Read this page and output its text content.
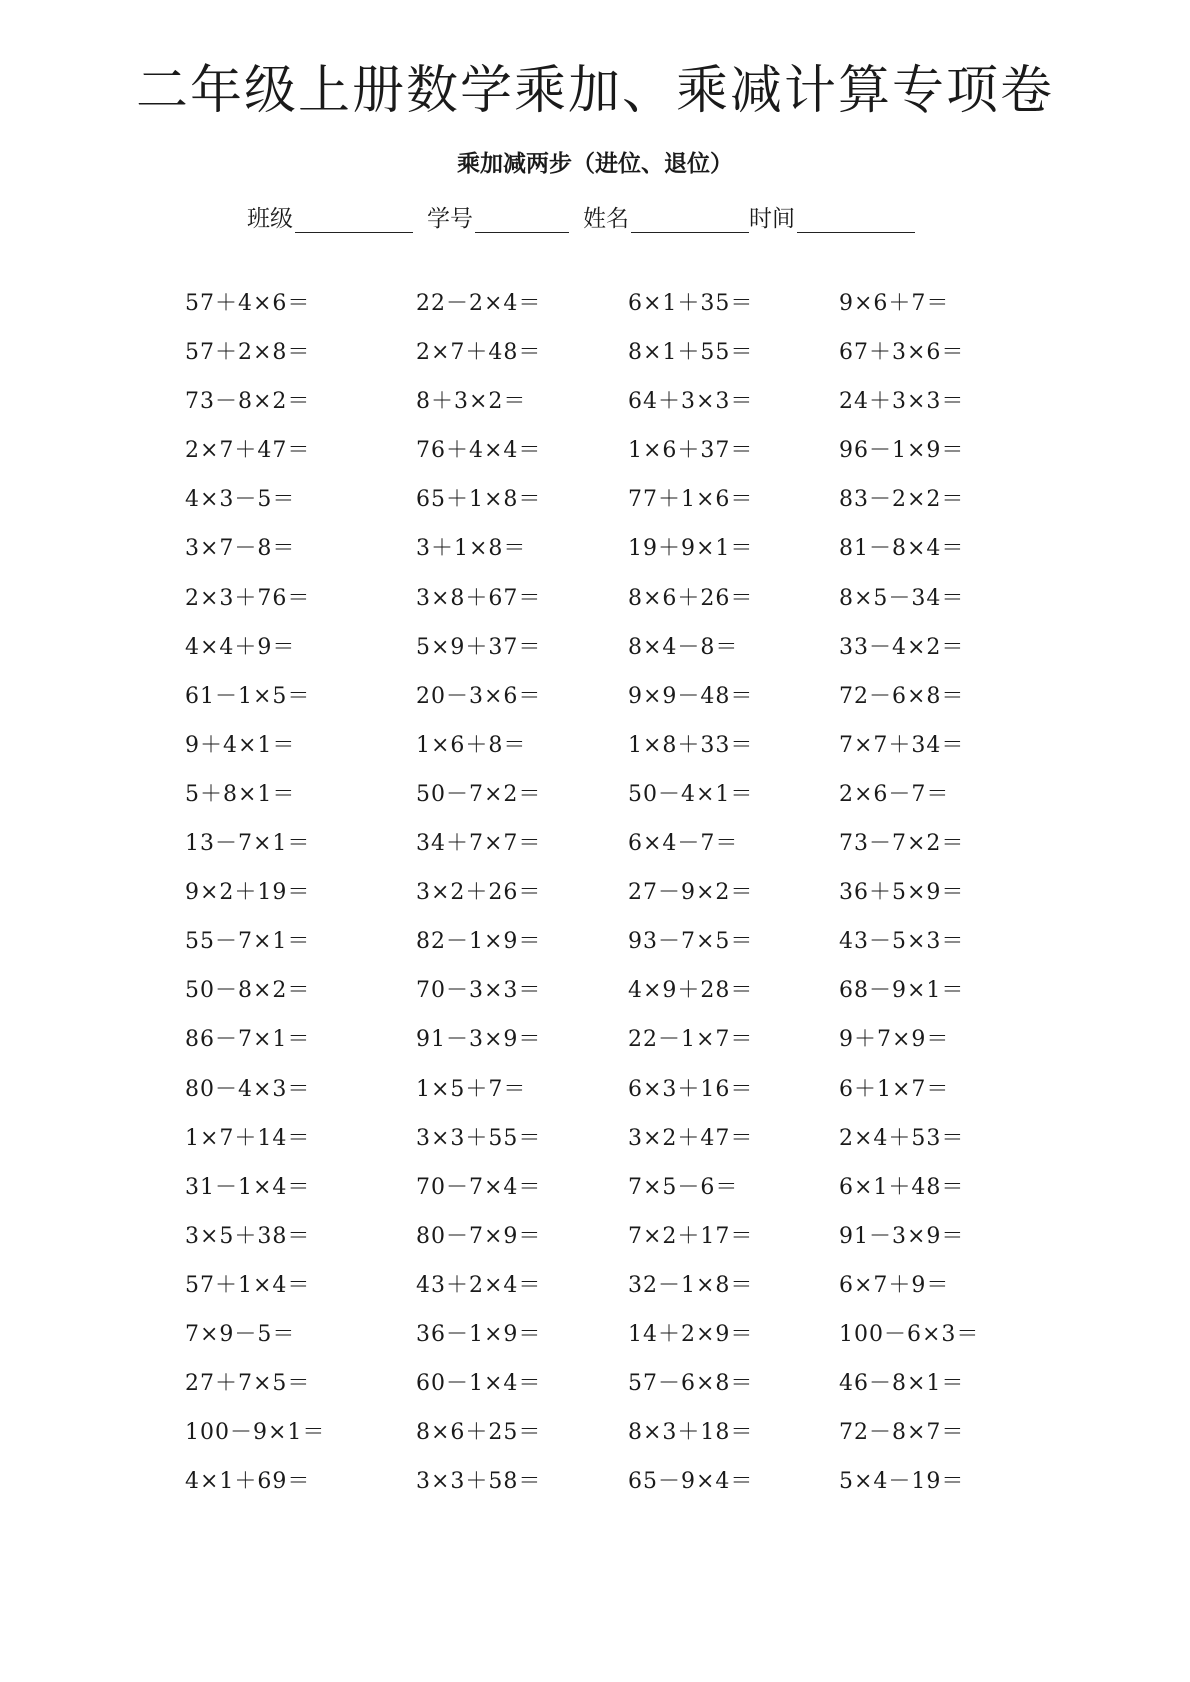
二年级上册数学乘加、乘减计算专项卷
乘加减两步（进位、退位）
班级	学号	姓名	时间
57＋4×6＝	22－2×4＝	6×1＋35＝	9×6＋7＝
57＋2×8＝	2×7＋48＝	8×1＋55＝	67＋3×6＝
73－8×2＝	8＋3×2＝	64＋3×3＝	24＋3×3＝
2×7＋47＝	76＋4×4＝	1×6＋37＝	96－1×9＝
4×3－5＝	65＋1×8＝	77＋1×6＝	83－2×2＝
3×7－8＝	3＋1×8＝	19＋9×1＝	81－8×4＝
2×3＋76＝	3×8＋67＝	8×6＋26＝	8×5－34＝
4×4＋9＝	5×9＋37＝	8×4－8＝	33－4×2＝
61－1×5＝	20－3×6＝	9×9－48＝	72－6×8＝
9＋4×1＝	1×6＋8＝	1×8＋33＝	7×7＋34＝
5＋8×1＝	50－7×2＝	50－4×1＝	2×6－7＝
13－7×1＝	34＋7×7＝	6×4－7＝	73－7×2＝
9×2＋19＝	3×2＋26＝	27－9×2＝	36＋5×9＝
55－7×1＝	82－1×9＝	93－7×5＝	43－5×3＝
50－8×2＝	70－3×3＝	4×9＋28＝	68－9×1＝
86－7×1＝	91－3×9＝	22－1×7＝	9＋7×9＝
80－4×3＝	1×5＋7＝	6×3＋16＝	6＋1×7＝
1×7＋14＝	3×3＋55＝	3×2＋47＝	2×4＋53＝
31－1×4＝	70－7×4＝	7×5－6＝	6×1＋48＝
3×5＋38＝	80－7×9＝	7×2＋17＝	91－3×9＝
57＋1×4＝	43＋2×4＝	32－1×8＝	6×7＋9＝
7×9－5＝	36－1×9＝	14＋2×9＝	100－6×3＝
27＋7×5＝	60－1×4＝	57－6×8＝	46－8×1＝
100－9×1＝	8×6＋25＝	8×3＋18＝	72－8×7＝
4×1＋69＝	3×3＋58＝	65－9×4＝	5×4－19＝
